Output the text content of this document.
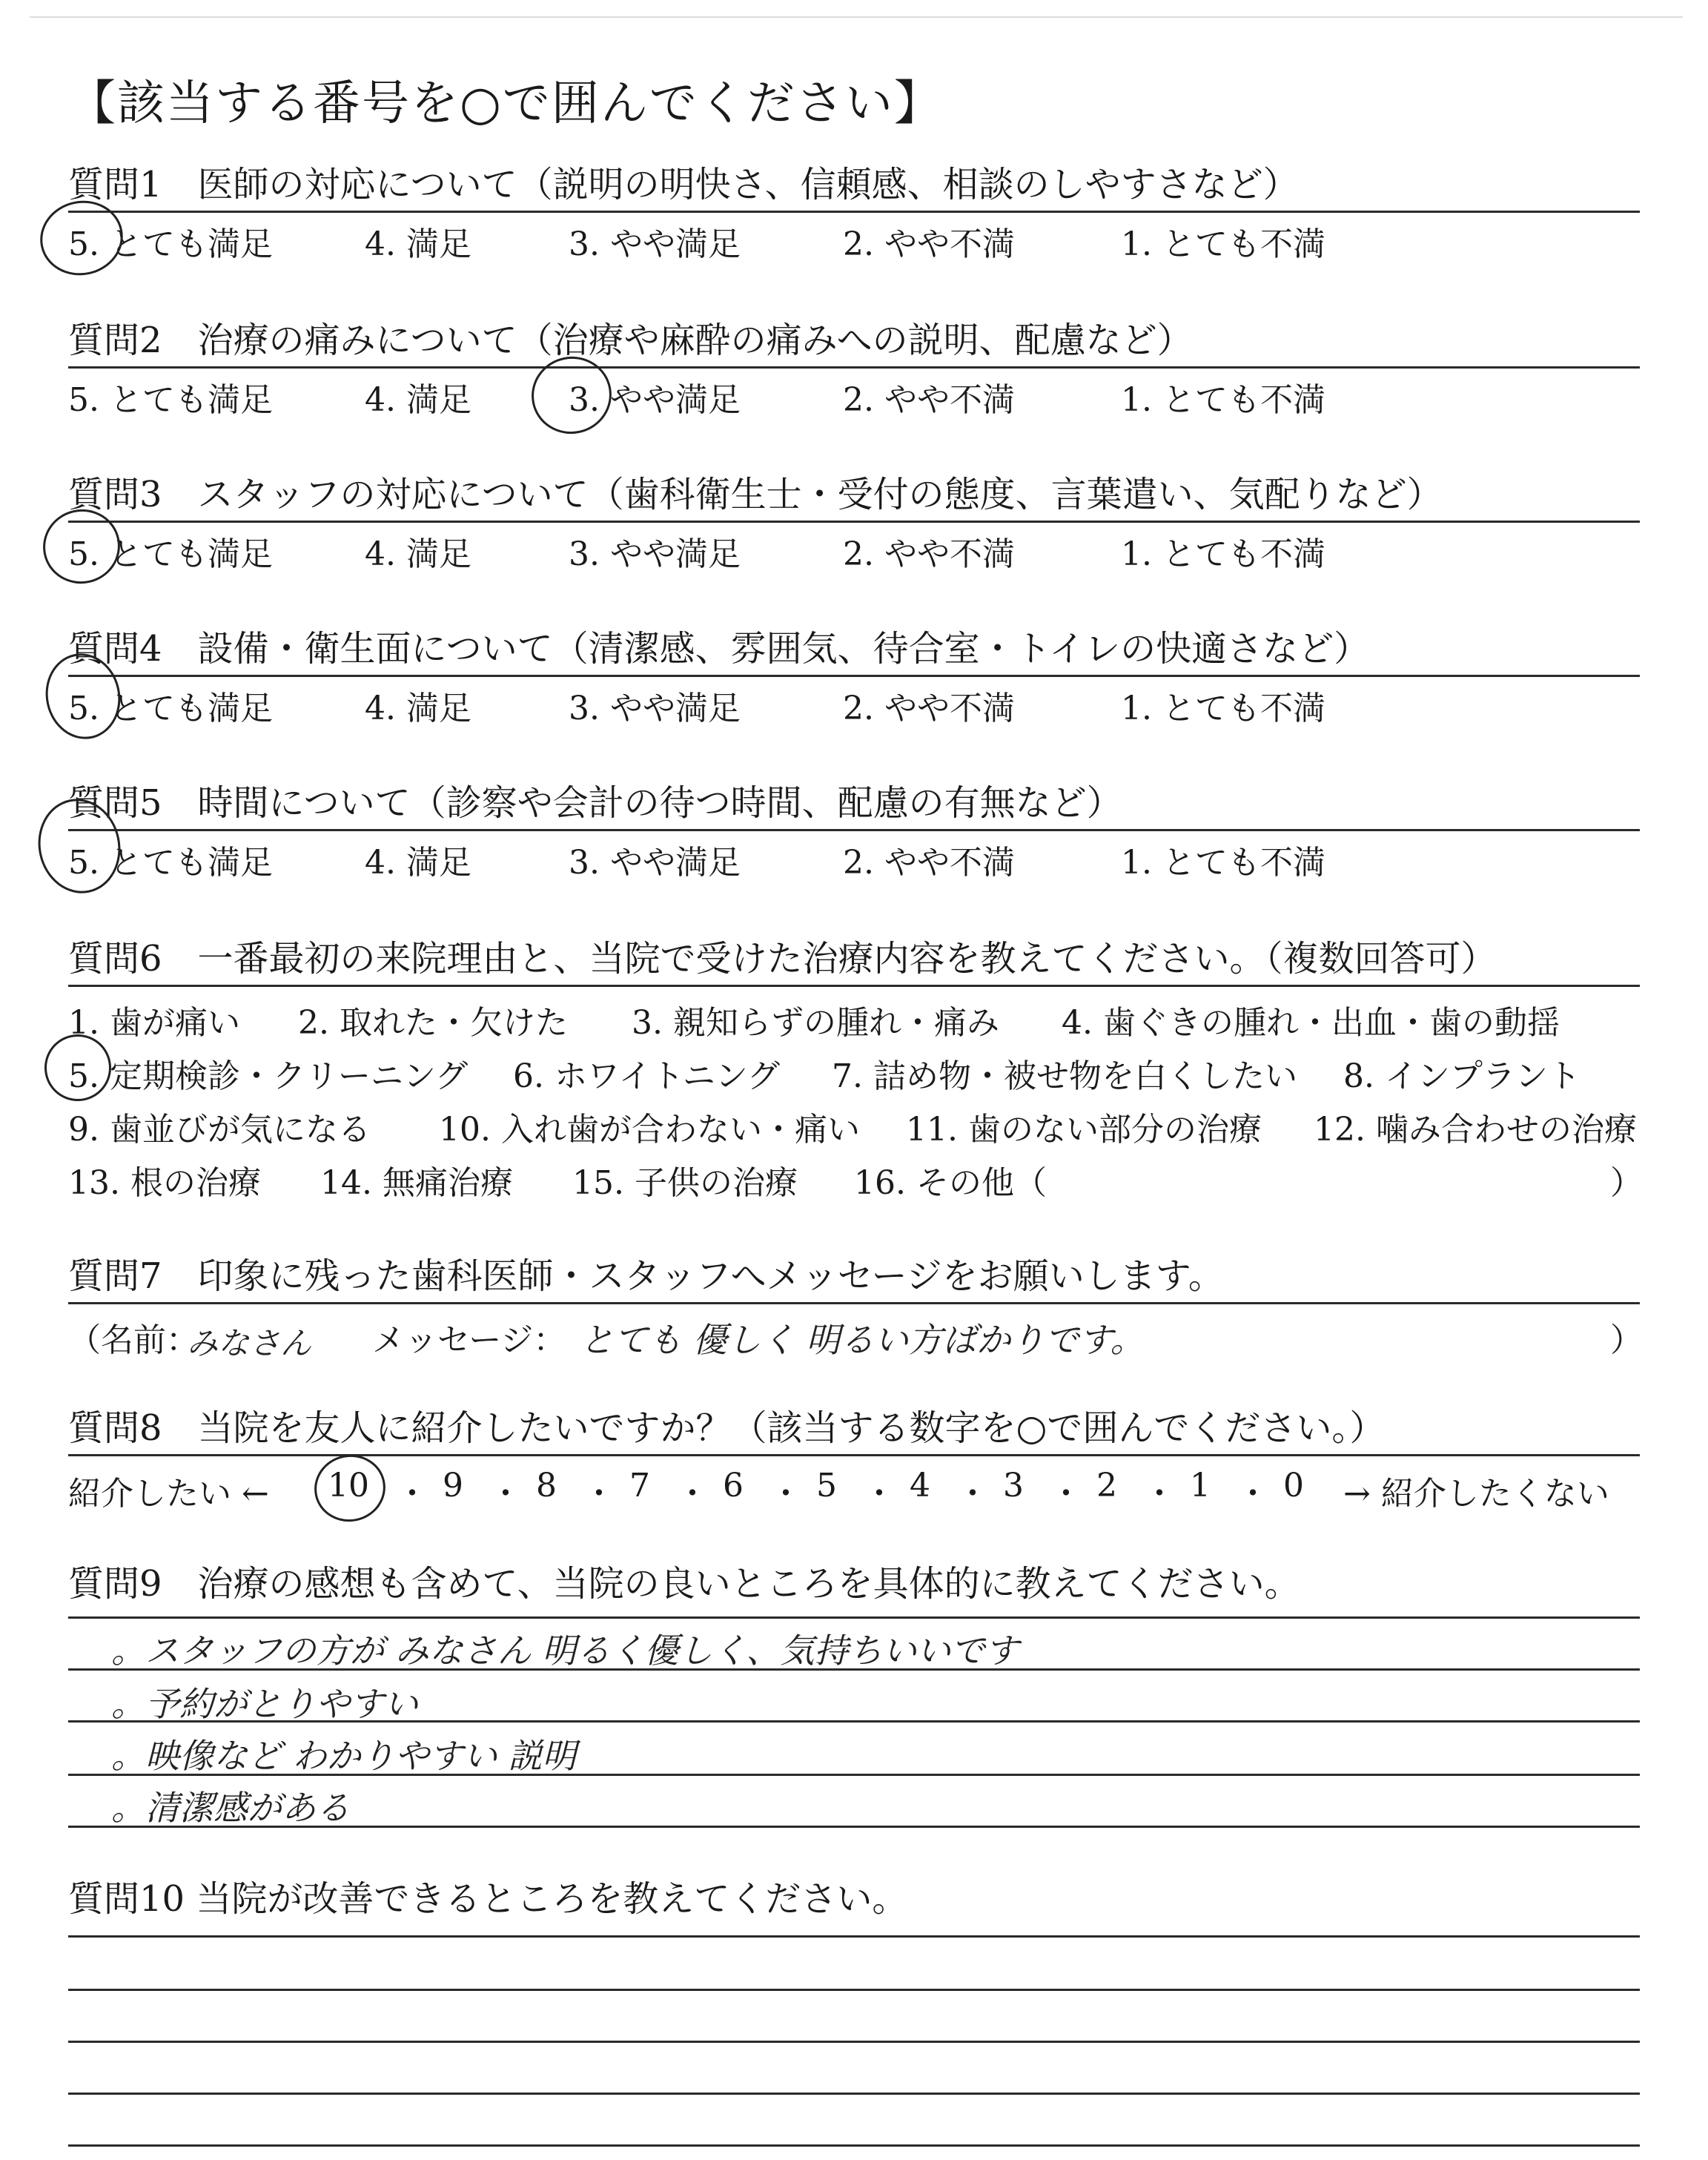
【該当する番号を○で囲んでください】
質問1　医師の対応について（説明の明快さ、信頼感、相談のしやすさなど）
5. とても満足	4. 満足	3. やや満足	2. やや不満	1. とても不満
質問2　治療の痛みについて（治療や麻酔の痛みへの説明、配慮など）
5. とても満足	4. 満足	3. やや満足	2. やや不満	1. とても不満
質問3　スタッフの対応について（歯科衛生士・受付の態度、言葉遣い、気配りなど）
5. とても満足	4. 満足	3. やや満足	2. やや不満	1. とても不満
質問4　設備・衛生面について（清潔感、雰囲気、待合室・トイレの快適さなど）
5. とても満足	4. 満足	3. やや満足	2. やや不満	1. とても不満
質問5　時間について（診察や会計の待つ時間、配慮の有無など）
5. とても満足	4. 満足	3. やや満足	2. やや不満	1. とても不満
質問6　一番最初の来院理由と、当院で受けた治療内容を教えてください。（複数回答可）
1. 歯が痛い 2. 取れた・欠けた 3. 親知らずの腫れ・痛み 4. 歯ぐきの腫れ・出血・歯の動揺
5. 定期検診・クリーニング 6. ホワイトニング 7. 詰め物・被せ物を白くしたい 8. インプラント
9. 歯並びが気になる 10. 入れ歯が合わない・痛い 11. 歯のない部分の治療 12. 噛み合わせの治療
13. 根の治療 14. 無痛治療 15. 子供の治療 16. その他（	）
質問7　印象に残った歯科医師・スタッフへメッセージをお願いします。
（名前：
みなさん メッセージ： とても 優しく 明るい方ばかりです。	）
質問8　当院を友人に紹介したいですか？（該当する数字を○で囲んでください。）
紹介したい ← 10 ・ 9 ・ 8 ・ 7 ・ 6 ・ 5 ・ 4 ・ 3 ・ 2 ・ 1 ・ 0 → 紹介したくない
質問9　治療の感想も含めて、当院の良いところを具体的に教えてください。
。スタッフの方が みなさん 明るく優しく、気持ちいいです
。予約がとりやすい
。映像など わかりやすい 説明
。清潔感がある
質問10 当院が改善できるところを教えてください。
